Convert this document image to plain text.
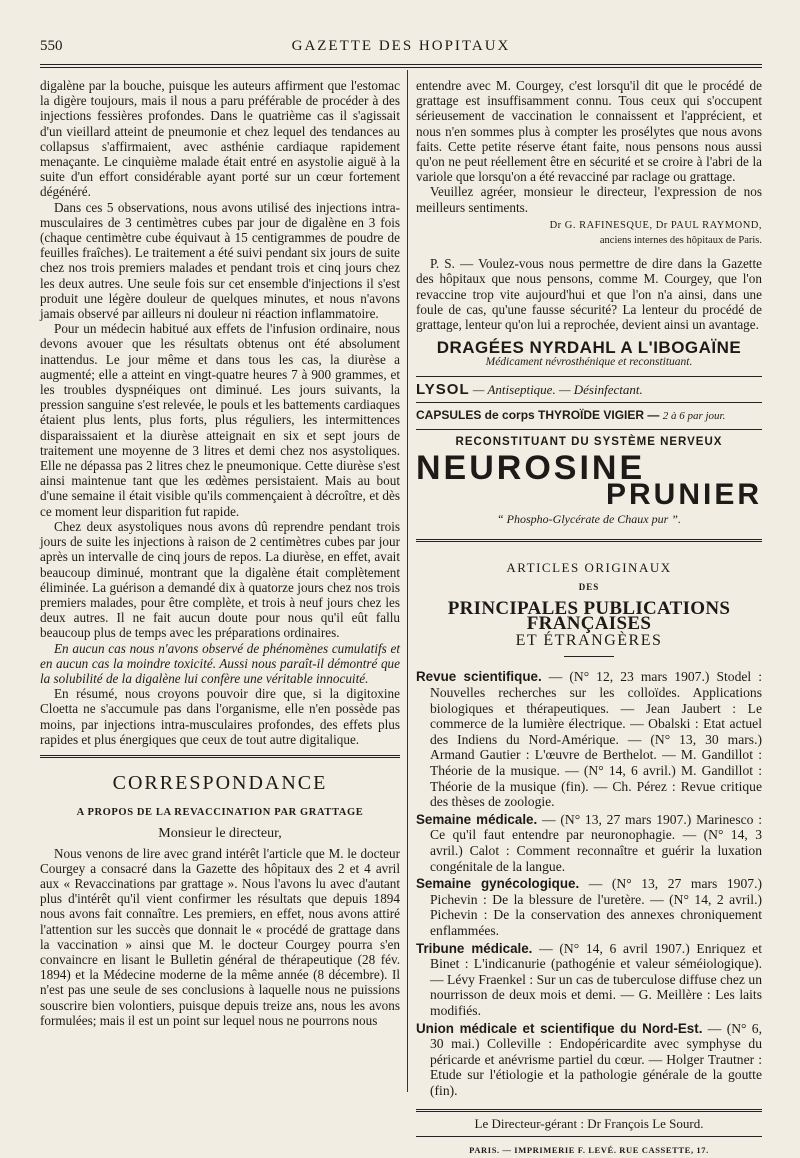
550	GAZETTE DES HOPITAUX

digalène par la bouche, puisque les auteurs affirment que l'estomac la digère toujours, mais il nous a paru préférable de procéder à des injections fessières profondes. Dans le quatrième cas il s'agissait d'un vieillard atteint de pneumonie et chez lequel des tendances au collapsus s'affirmaient, avec asthénie cardiaque rapidement menaçante. Le cinquième malade était entré en asystolie aiguë à la suite d'un effort considérable ayant porté sur un cœur fortement dégénéré.

Dans ces 5 observations, nous avons utilisé des injections intra-musculaires de 3 centimètres cubes par jour de digalène en 3 fois (chaque centimètre cube équivaut à 15 centigrammes de poudre de feuilles fraîches). Le traitement a été suivi pendant six jours de suite chez nos trois premiers malades et pendant trois et cinq jours chez les deux autres. Une seule fois sur cet ensemble d'injections il s'est produit une légère douleur de quelques minutes, et nous n'avons jamais observé par ailleurs ni douleur ni réaction inflammatoire.

Pour un médecin habitué aux effets de l'infusion ordinaire, nous devons avouer que les résultats obtenus ont été absolument inattendus. Le jour même et dans tous les cas, la diurèse a augmenté; elle a atteint en vingt-quatre heures 7 à 900 grammes, et les troubles dyspnéiques ont diminué. Les jours suivants, la pression sanguine s'est relevée, le pouls et les battements cardiaques étaient plus lents, plus forts, plus réguliers, les intermittences disparaissaient et la diurèse atteignait en six et sept jours de traitement une moyenne de 3 litres et demi chez nos asystoliques. Elle ne dépassa pas 2 litres chez le pneumonique. Cette diurèse s'est ainsi maintenue tant que les œdèmes persistaient. Mais au bout d'une semaine il était visible qu'ils commençaient à décroître, et dès ce moment leur disparition fut rapide.

Chez deux asystoliques nous avons dû reprendre pendant trois jours de suite les injections à raison de 2 centimètres cubes par jour après un intervalle de cinq jours de repos. La diurèse, en effet, avait beaucoup diminué, montrant que la digalène était complètement éliminée. La guérison a demandé dix à quatorze jours chez nos trois premiers malades, pour être complète, et trois à neuf jours chez les deux autres. Il ne fait aucun doute pour nous qu'il eût fallu beaucoup plus de temps avec les préparations ordinaires.

En aucun cas nous n'avons observé de phénomènes cumulatifs et en aucun cas la moindre toxicité. Aussi nous paraît-il démontré que la solubilité de la digalène lui confère une véritable innocuité.

En résumé, nous croyons pouvoir dire que, si la digitoxine Cloetta ne s'accumule pas dans l'organisme, elle n'en possède pas moins, par injections intra-musculaires profondes, des effets plus rapides et plus énergiques que ceux de tout autre digitalique.

CORRESPONDANCE
A PROPOS DE LA REVACCINATION PAR GRATTAGE
Monsieur le directeur,

Nous venons de lire avec grand intérêt l'article que M. le docteur Courgey a consacré dans la Gazette des hôpitaux des 2 et 4 avril aux « Revaccinations par grattage ». Nous l'avons lu avec d'autant plus d'intérêt qu'il vient confirmer les résultats que depuis 1894 nous avons fait connaître. Les premiers, en effet, nous avons attiré l'attention sur les succès que donnait le « procédé de grattage dans la vaccination » ainsi que M. le docteur Courgey pourra s'en convaincre en lisant le Bulletin général de thérapeutique (28 fév. 1894) et la Médecine moderne de la même année (8 décembre). Il n'est pas une seule de ses conclusions à laquelle nous ne puissions souscrire bien volontiers, puisque depuis treize ans, nous les avons formulées; mais il est un point sur lequel nous ne pourrons nous

entendre avec M. Courgey, c'est lorsqu'il dit que le procédé de grattage est insuffisamment connu. Tous ceux qui s'occupent sérieusement de vaccination le connaissent et l'apprécient, et nous n'en sommes plus à compter les prosélytes que nous avons faits. Cette petite réserve étant faite, nous pensons nous aussi qu'on ne peut réellement être en sécurité et se croire à l'abri de la variole que lorsqu'on a été revacciné par raclage ou grattage.

Veuillez agréer, monsieur le directeur, l'expression de nos meilleurs sentiments.

Dr G. RAFINESQUE, Dr PAUL RAYMOND,
anciens internes des hôpitaux de Paris.

P. S. — Voulez-vous nous permettre de dire dans la Gazette des hôpitaux que nous pensons, comme M. Courgey, que l'on revaccine trop vite aujourd'hui et que l'on n'a ainsi, dans une foule de cas, qu'une fausse sécurité? La lenteur du procédé de grattage, lenteur qu'on lui a reprochée, devient ainsi un avantage.

DRAGÉES NYRDAHL A L'IBOGAÏNE
Médicament névrosthénique et reconstituant.
LYSOL — Antiseptique. — Désinfectant.
CAPSULES de corps THYROÏDE VIGIER — 2 à 6 par jour.
RECONSTITUANT DU SYSTÈME NERVEUX
NEUROSINE
PRUNIER
“ Phospho-Glycérate de Chaux pur ”.
ARTICLES ORIGINAUX
DES
PRINCIPALES PUBLICATIONS FRANÇAISES
ET ÉTRANGÈRES
Revue scientifique. — (N° 12, 23 mars 1907.) Stodel : Nouvelles recherches sur les colloïdes. Applications biologiques et thérapeutiques. — Jean Jaubert : Le commerce de la lumière électrique. — Obalski : Etat actuel des Indiens du Nord-Amérique. — (N° 13, 30 mars.) Armand Gautier : L'œuvre de Berthelot. — M. Gandillot : Théorie de la musique. — (N° 14, 6 avril.) M. Gandillot : Théorie de la musique (fin). — Ch. Pérez : Revue critique des thèses de zoologie.
Semaine médicale. — (N° 13, 27 mars 1907.) Marinesco : Ce qu'il faut entendre par neuronophagie. — (N° 14, 3 avril.) Calot : Comment reconnaître et guérir la luxation congénitale de la langue.
Semaine gynécologique. — (N° 13, 27 mars 1907.) Pichevin : De la blessure de l'uretère. — (N° 14, 2 avril.) Pichevin : De la conservation des annexes chroniquement enflammées.
Tribune médicale. — (N° 14, 6 avril 1907.) Enriquez et Binet : L'indicanurie (pathogénie et valeur séméiologique). — Lévy Fraenkel : Sur un cas de tuberculose diffuse chez un nourrisson de deux mois et demi. — G. Meillère : Les laits modifiés.
Union médicale et scientifique du Nord-Est. — (N° 6, 30 mai.) Colleville : Endopéricardite avec symphyse du péricarde et anévrisme partiel du cœur. — Holger Trautner : Etude sur l'étiologie et la pathologie générale de la goutte (fin).
Le Directeur-gérant : Dr François Le Sourd.
PARIS. — IMPRIMERIE F. LEVÉ. RUE CASSETTE, 17.
